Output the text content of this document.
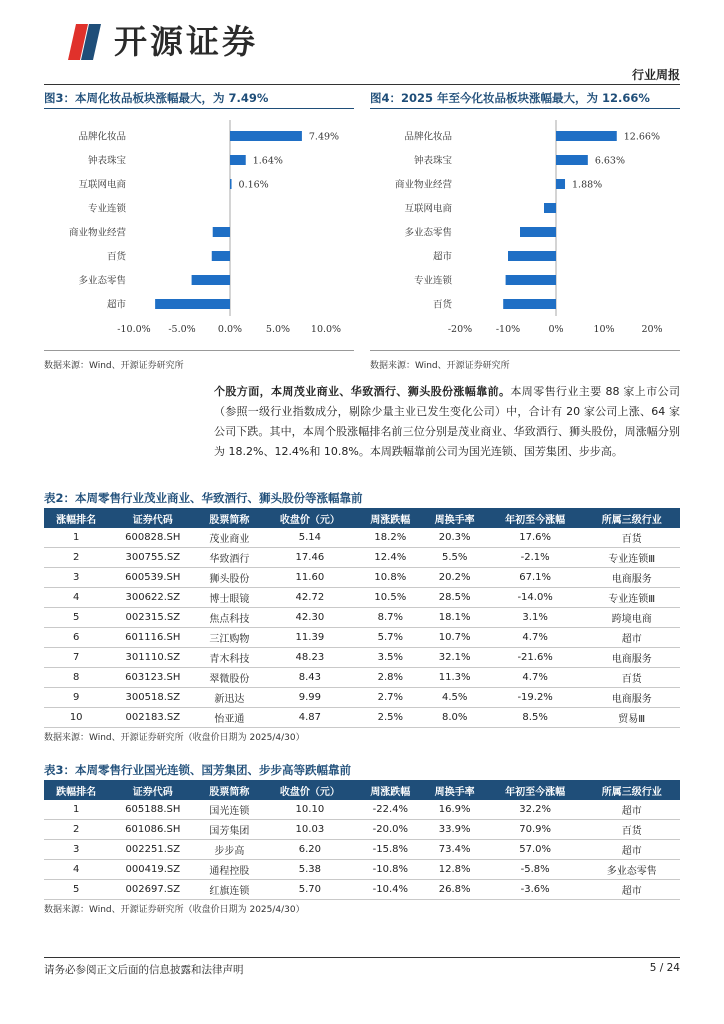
开源证券
行业周报
图3：本周化妆品板块涨幅最大，为 7.49%
品牌化妆品	7.49%
钟表珠宝	1.64%
互联网电商	0.16%
专业连锁
商业物业经营
百货
多业态零售
超市
-10.0% -5.0% 0.0%	5.0% 10.0%
数据来源：Wind、开源证券研究所
图4：2025 年至今化妆品板块涨幅最大，为 12.66%
品牌化妆品	12.66%
钟表珠宝	6.63%
商业物业经营	1.88%
互联网电商
多业态零售
超市
专业连锁
百货
-20% -10%	0%	10%	20%
数据来源：Wind、开源证券研究所
个股方面，本周茂业商业、华致酒行、狮头股份涨幅靠前。本周零售行业主要 88 家上市公司（参照一级行业指数成分，剔除少量主业已发生变化公司）中，合计有 20 家公司上涨、64 家公司下跌。其中，本周个股涨幅排名前三位分别是茂业商业、华致酒行、狮头股份，周涨幅分别为 18.2%、12.4%和 10.8%。本周跌幅靠前公司为国光连锁、国芳集团、步步高。
表2：本周零售行业茂业商业、华致酒行、狮头股份等涨幅靠前
涨幅排名	证券代码	股票简称	收盘价（元）	周涨跌幅	周换手率	年初至今涨幅	所属三级行业
1	600828.SH	茂业商业	5.14	18.2%	20.3%	17.6%	百货
2	300755.SZ	华致酒行	17.46	12.4%	5.5%	-2.1%	专业连锁Ⅲ
3	600539.SH	狮头股份	11.60	10.8%	20.2%	67.1%	电商服务
4	300622.SZ	博士眼镜	42.72	10.5%	28.5%	-14.0%	专业连锁Ⅲ
5	002315.SZ	焦点科技	42.30	8.7%	18.1%	3.1%	跨境电商
6	601116.SH	三江购物	11.39	5.7%	10.7%	4.7%	超市
7	301110.SZ	青木科技	48.23	3.5%	32.1%	-21.6%	电商服务
8	603123.SH	翠微股份	8.43	2.8%	11.3%	4.7%	百货
9	300518.SZ	新迅达	9.99	2.7%	4.5%	-19.2%	电商服务
10	002183.SZ	怡亚通	4.87	2.5%	8.0%	8.5%	贸易Ⅲ
数据来源：Wind、开源证券研究所（收盘价日期为 2025/4/30）
表3：本周零售行业国光连锁、国芳集团、步步高等跌幅靠前
跌幅排名	证券代码	股票简称	收盘价（元）	周涨跌幅	周换手率	年初至今涨幅	所属三级行业
1	605188.SH	国光连锁	10.10	-22.4%	16.9%	32.2%	超市
2	601086.SH	国芳集团	10.03	-20.0%	33.9%	70.9%	百货
3	002251.SZ	步步高	6.20	-15.8%	73.4%	57.0%	超市
4	000419.SZ	通程控股	5.38	-10.8%	12.8%	-5.8%	多业态零售
5	002697.SZ	红旗连锁	5.70	-10.4%	26.8%	-3.6%	超市
数据来源：Wind、开源证券研究所（收盘价日期为 2025/4/30）
请务必参阅正文后面的信息披露和法律声明	5 / 24
